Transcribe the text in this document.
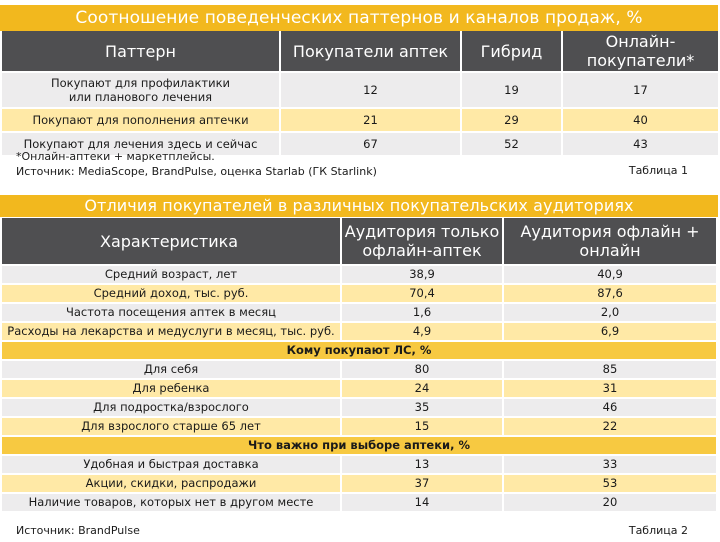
Соотношение поведенческих паттернов и каналов продаж, %
Паттерн	Покупатели аптек	Гибрид	Онлайн-покупатели*
Покупают для профилактики или планового лечения	12	19	17
Покупают для пополнения аптечки	21	29	40
Покупают для лечения здесь и сейчас	67	52	43
*Онлайн-аптеки + маркетплейсы.
Источник: MediaScope, BrandPulse, оценка Starlab (ГК Starlink)	Таблица 1
Отличия покупателей в различных покупательских аудиториях
Характеристика	Аудитория только офлайн-аптек	Аудитория офлайн + онлайн
Средний возраст, лет	38,9	40,9
Средний доход, тыс. руб.	70,4	87,6
Частота посещения аптек в месяц	1,6	2,0
Расходы на лекарства и медуслуги в месяц, тыс. руб.	4,9	6,9
Кому покупают ЛС, %		
Для себя	80	85
Для ребенка	24	31
Для подростка/взрослого	35	46
Для взрослого старше 65 лет	15	22
Что важно при выборе аптеки, %		
Удобная и быстрая доставка	13	33
Акции, скидки, распродажи	37	53
Наличие товаров, которых нет в другом месте	14	20
Источник: BrandPulse	Таблица 2
